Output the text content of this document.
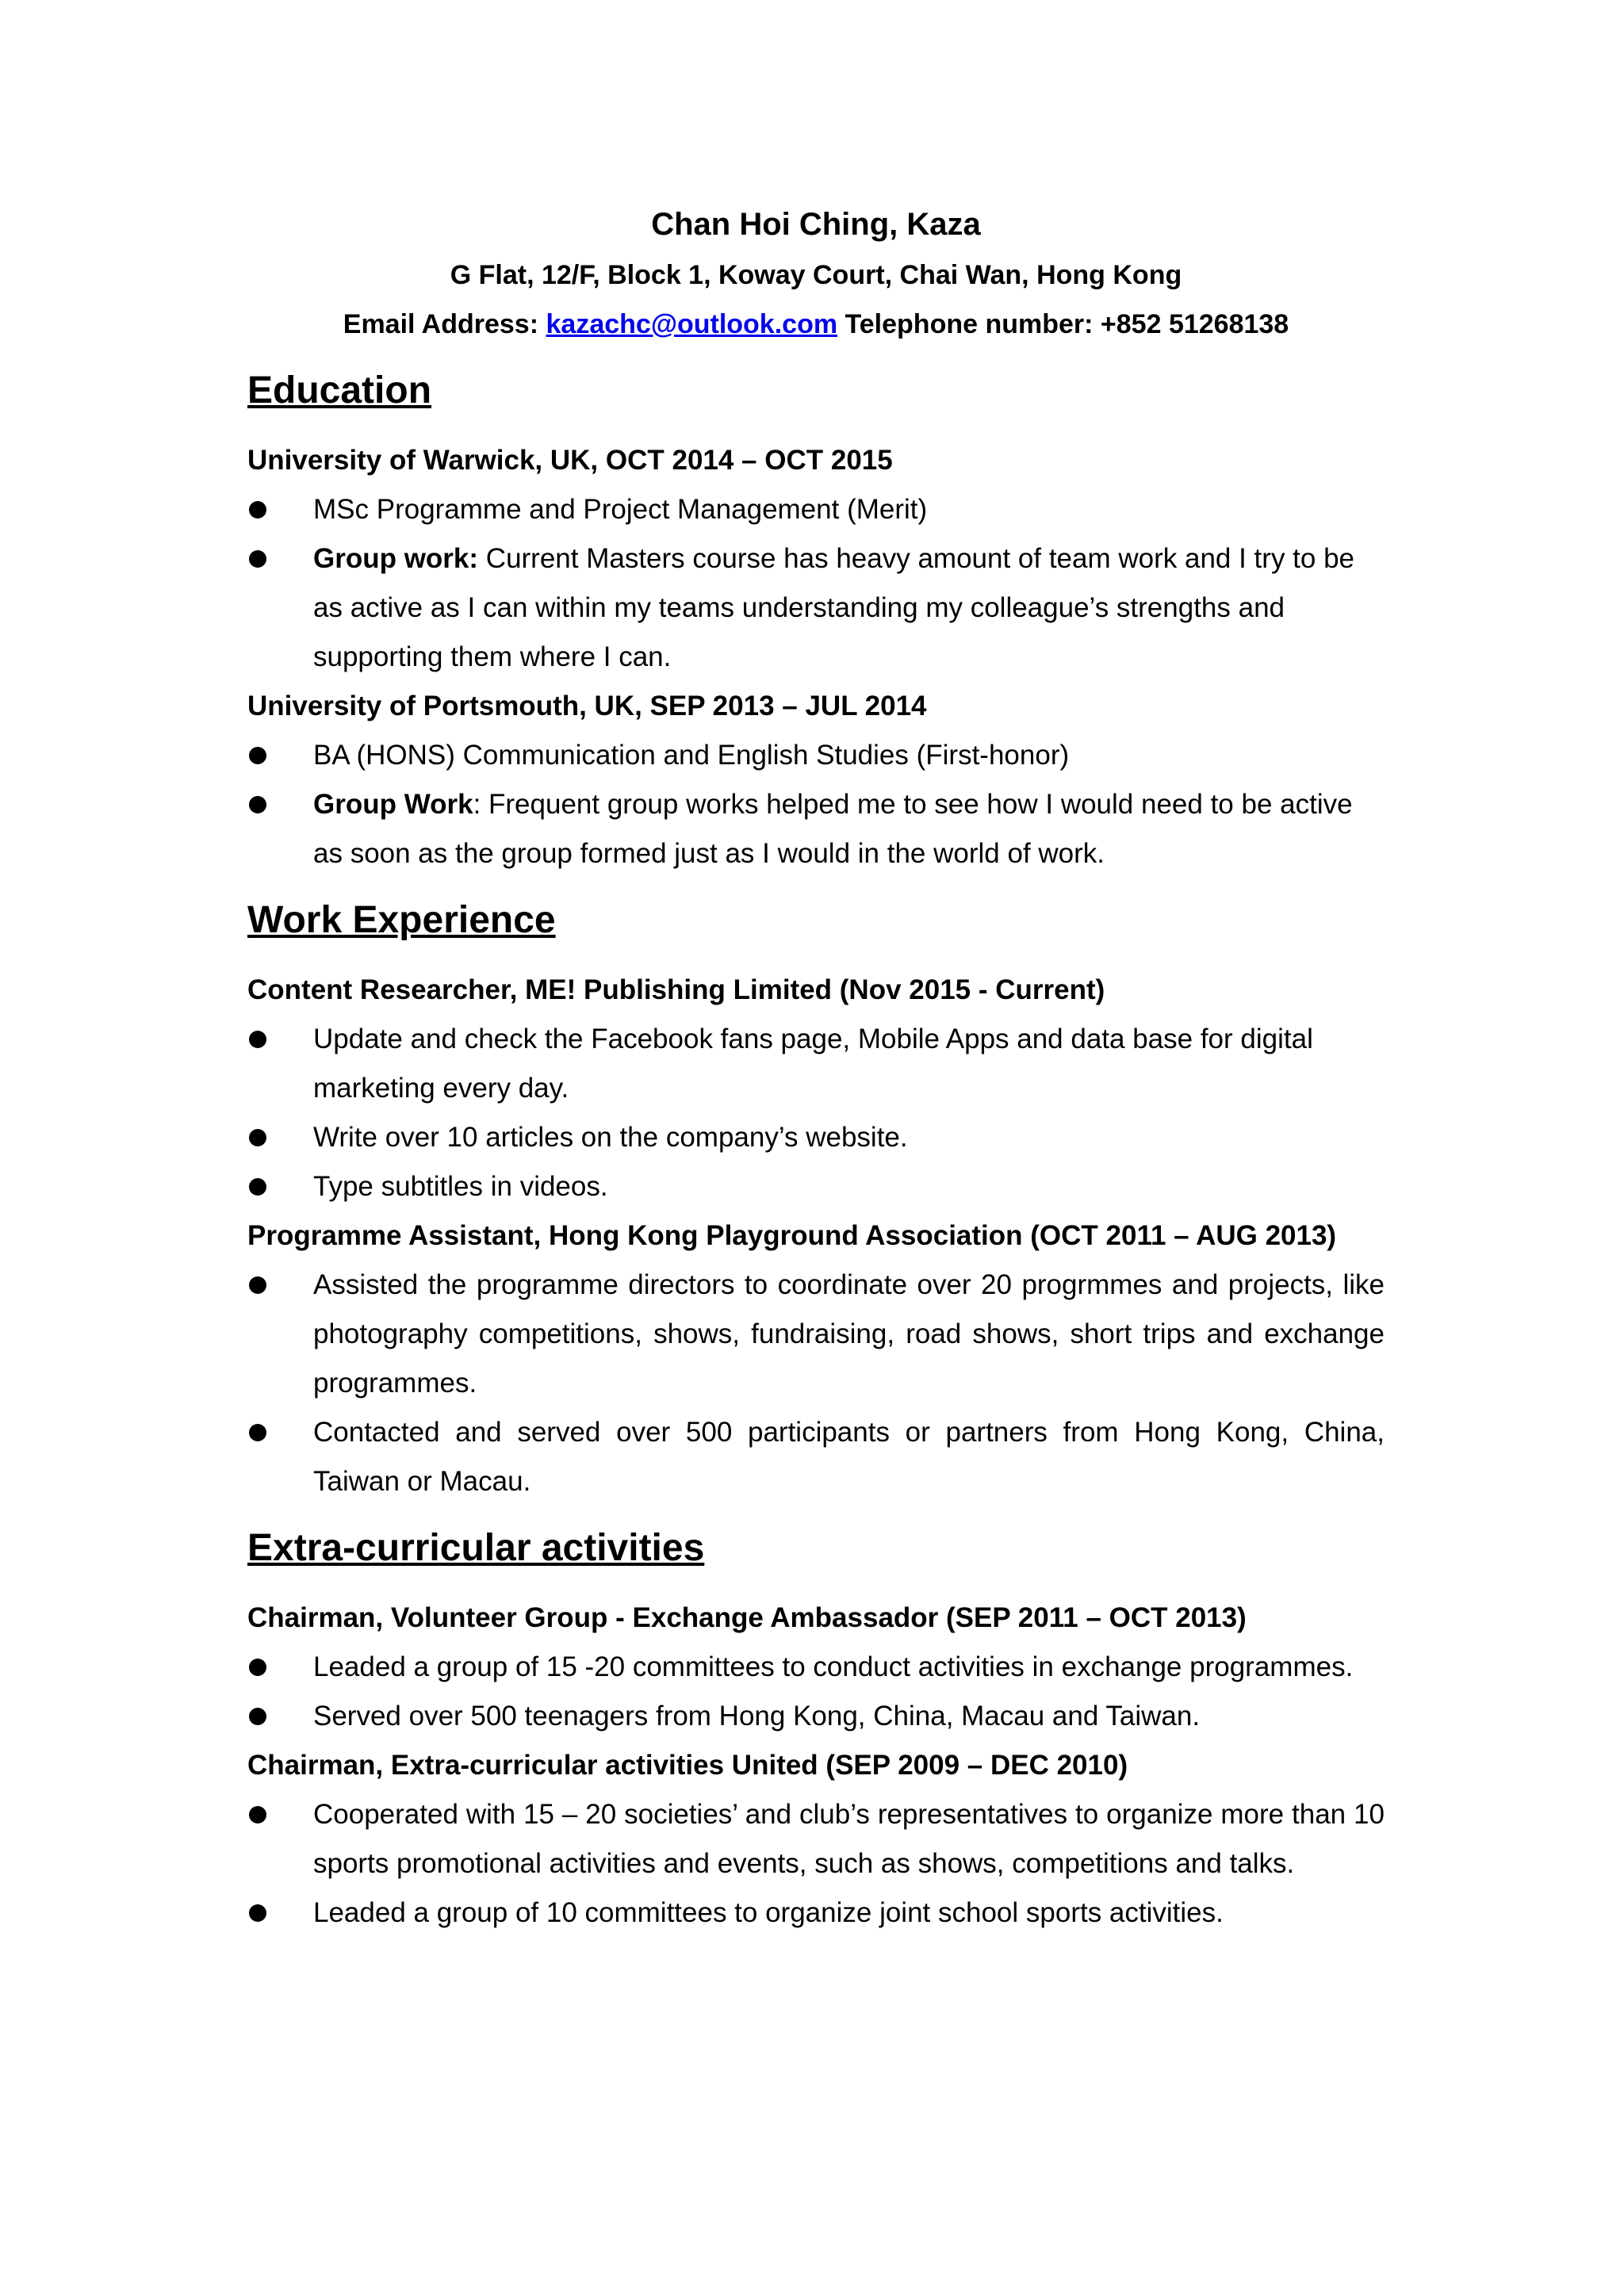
Chan Hoi Ching, Kaza
G Flat, 12/F, Block 1, Koway Court, Chai Wan, Hong Kong
Email Address: kazachc@outlook.com Telephone number: +852 51268138
Education
University of Warwick, UK, OCT 2014 – OCT 2015
MSc Programme and Project Management (Merit)
Group work: Current Masters course has heavy amount of team work and I try to be as active as I can within my teams understanding my colleague’s strengths and supporting them where I can.
University of Portsmouth, UK, SEP 2013 – JUL 2014
BA (HONS) Communication and English Studies (First-honor)
Group Work: Frequent group works helped me to see how I would need to be active as soon as the group formed just as I would in the world of work.
Work Experience
Content Researcher, ME! Publishing Limited (Nov 2015 - Current)
Update and check the Facebook fans page, Mobile Apps and data base for digital marketing every day.
Write over 10 articles on the company’s website.
Type subtitles in videos.
Programme Assistant, Hong Kong Playground Association (OCT 2011 – AUG 2013)
Assisted the programme directors to coordinate over 20 progrmmes and projects, like photography competitions, shows, fundraising, road shows, short trips and exchange programmes.
Contacted and served over 500 participants or partners from Hong Kong, China, Taiwan or Macau.
Extra-curricular activities
Chairman, Volunteer Group - Exchange Ambassador (SEP 2011 – OCT 2013)
Leaded a group of 15 -20 committees to conduct activities in exchange programmes.
Served over 500 teenagers from Hong Kong, China, Macau and Taiwan.
Chairman, Extra-curricular activities United (SEP 2009 – DEC 2010)
Cooperated with 15 – 20 societies’ and club’s representatives to organize more than 10 sports promotional activities and events, such as shows, competitions and talks.
Leaded a group of 10 committees to organize joint school sports activities.
